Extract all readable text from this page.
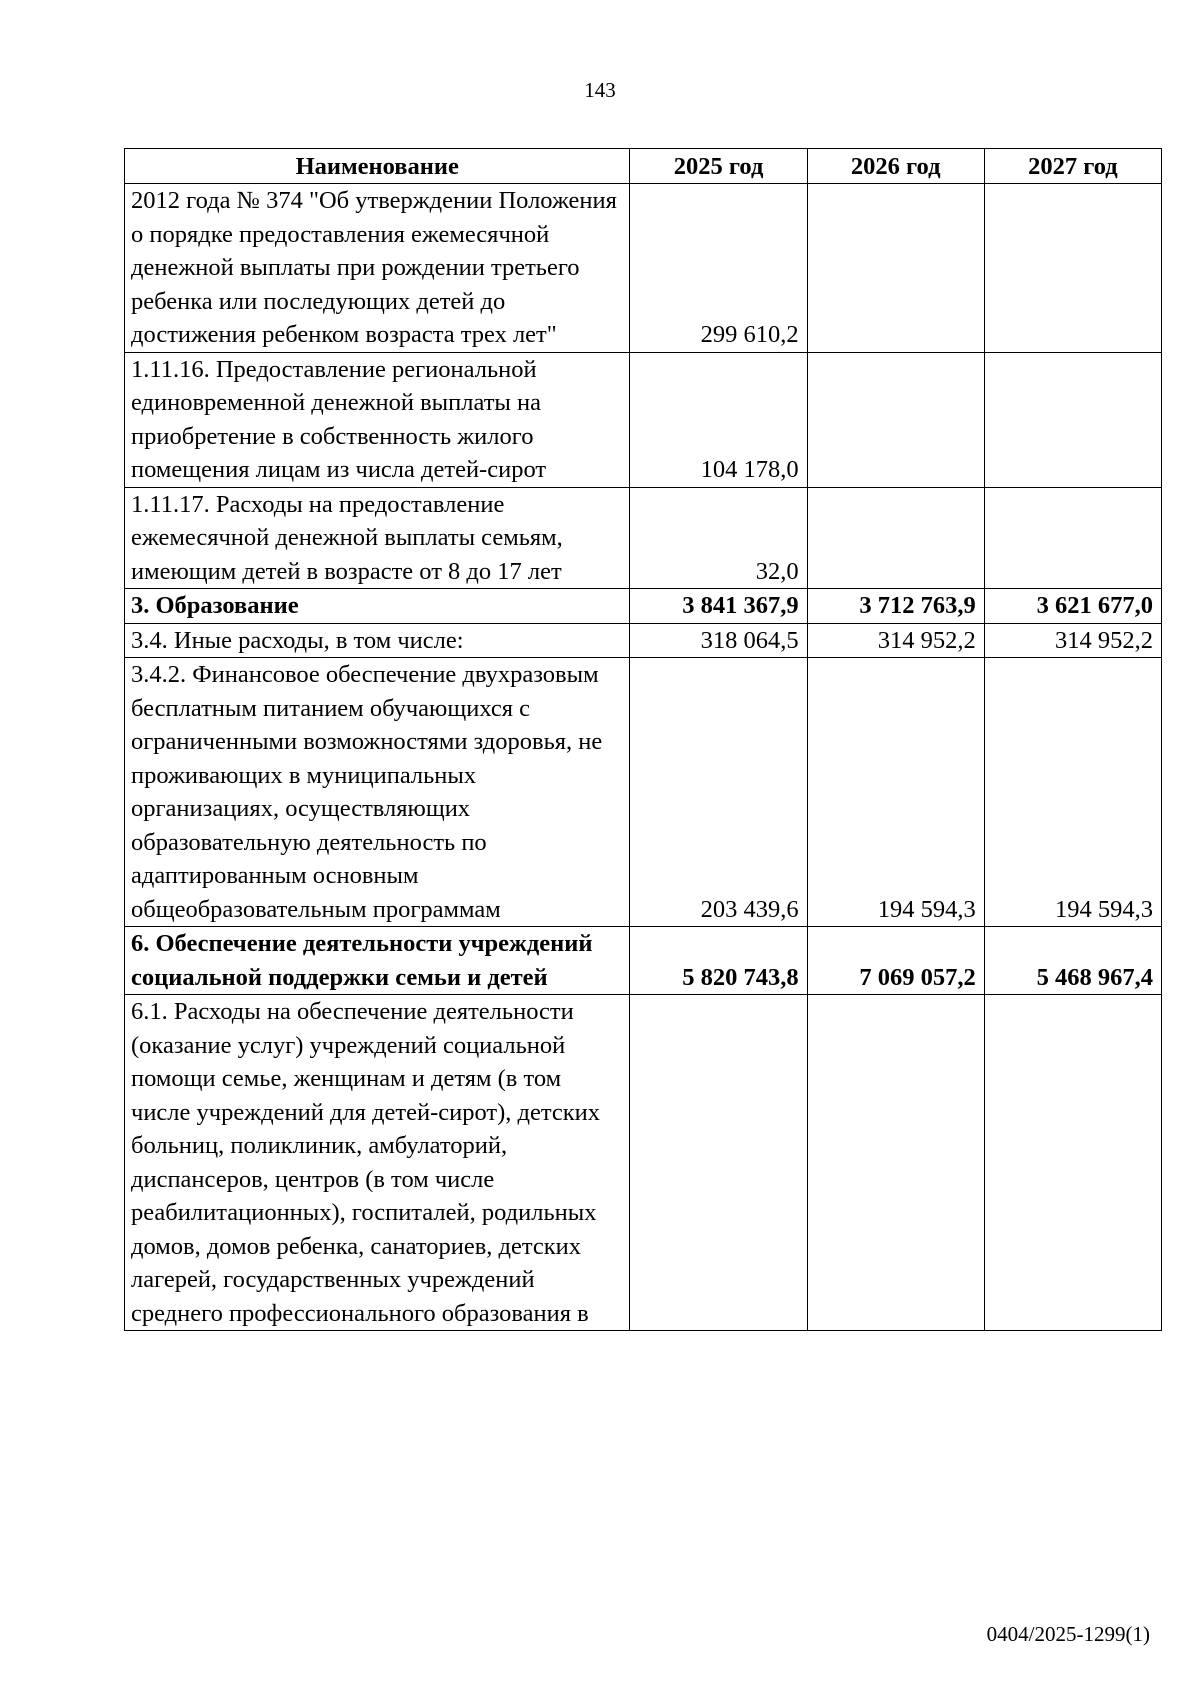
143
Наименование	2025 год	2026 год	2027 год
2012 года № 374 "Об утверждении Положения о порядке предоставления ежемесячной денежной выплаты при рождении третьего ребенка или последующих детей до достижения ребенком возраста трех лет"	299 610,2		
1.11.16. Предоставление региональной единовременной денежной выплаты на приобретение в собственность жилого помещения лицам из числа детей-сирот	104 178,0		
1.11.17. Расходы на предоставление ежемесячной денежной выплаты семьям, имеющим детей в возрасте от 8 до 17 лет	32,0		
3. Образование	3 841 367,9	3 712 763,9	3 621 677,0
3.4. Иные расходы, в том числе:	318 064,5	314 952,2	314 952,2
3.4.2. Финансовое обеспечение двухразовым бесплатным питанием обучающихся с ограниченными возможностями здоровья, не проживающих в муниципальных организациях, осуществляющих образовательную деятельность по адаптированным основным общеобразовательным программам	203 439,6	194 594,3	194 594,3
6. Обеспечение деятельности учреждений социальной поддержки семьи и детей	5 820 743,8	7 069 057,2	5 468 967,4
6.1. Расходы на обеспечение деятельности (оказание услуг) учреждений социальной помощи семье, женщинам и детям (в том числе учреждений для детей-сирот), детских больниц, поликлиник, амбулаторий, диспансеров, центров (в том числе реабилитационных), госпиталей, родильных домов, домов ребенка, санаториев, детских лагерей, государственных учреждений среднего профессионального образования в			
0404/2025-1299(1)
